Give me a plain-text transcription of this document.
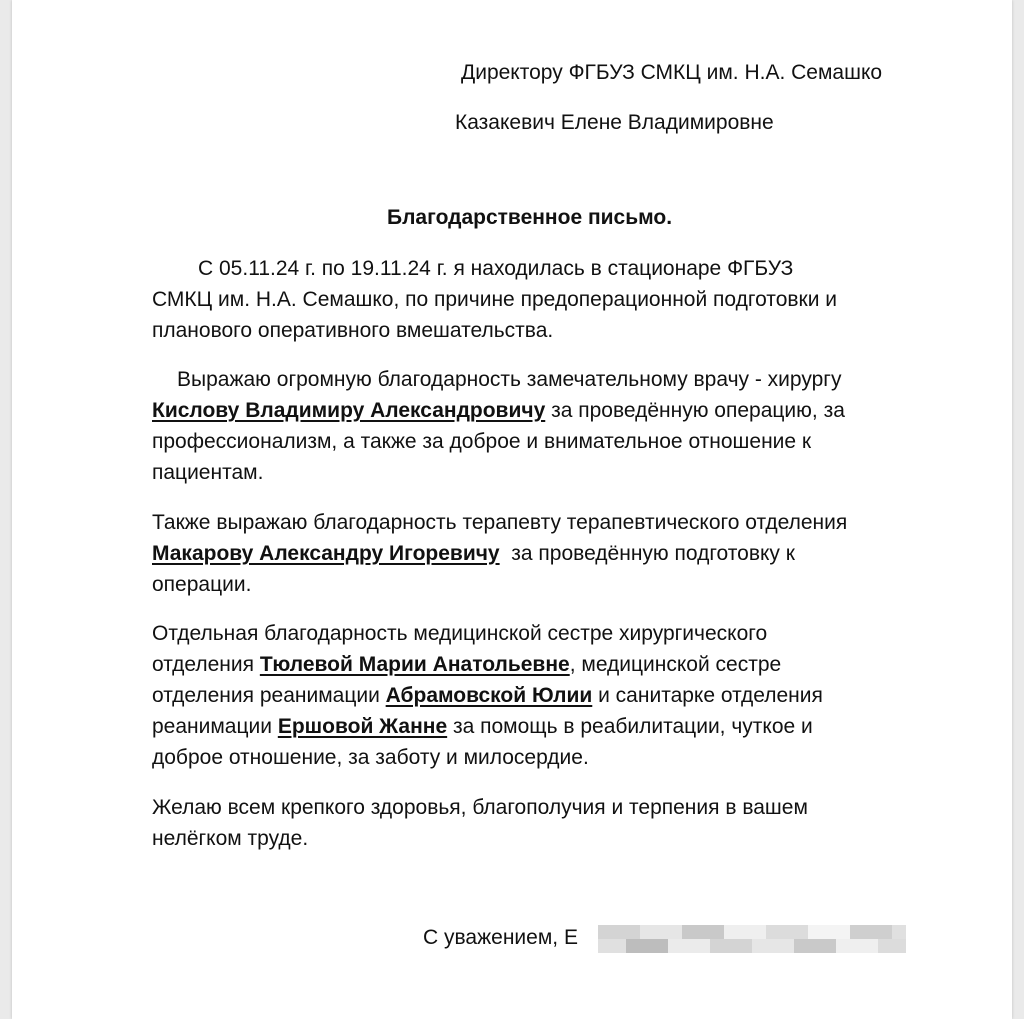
Директору ФГБУЗ СМКЦ им. Н.А. Семашко
Казакевич Елене Владимировне
Благодарственное письмо.
С 05.11.24 г. по 19.11.24 г. я находилась в стационаре ФГБУЗ
СМКЦ им. Н.А. Семашко, по причине предоперационной подготовки и
планового оперативного вмешательства.
Выражаю огромную благодарность замечательному врачу - хирургу
Кислову Владимиру Александровичу за проведённую операцию, за
профессионализм, а также за доброе и внимательное отношение к
пациентам.
Также выражаю благодарность терапевту терапевтического отделения
Макарову Александру Игоревичу  за проведённую подготовку к
операции.
Отдельная благодарность медицинской сестре хирургического
отделения Тюлевой Марии Анатольевне, медицинской сестре
отделения реанимации Абрамовской Юлии и санитарке отделения
реанимации Ершовой Жанне за помощь в реабилитации, чуткое и
доброе отношение, за заботу и милосердие.
Желаю всем крепкого здоровья, благополучия и терпения в вашем
нелёгком труде.
С уважением, Е
